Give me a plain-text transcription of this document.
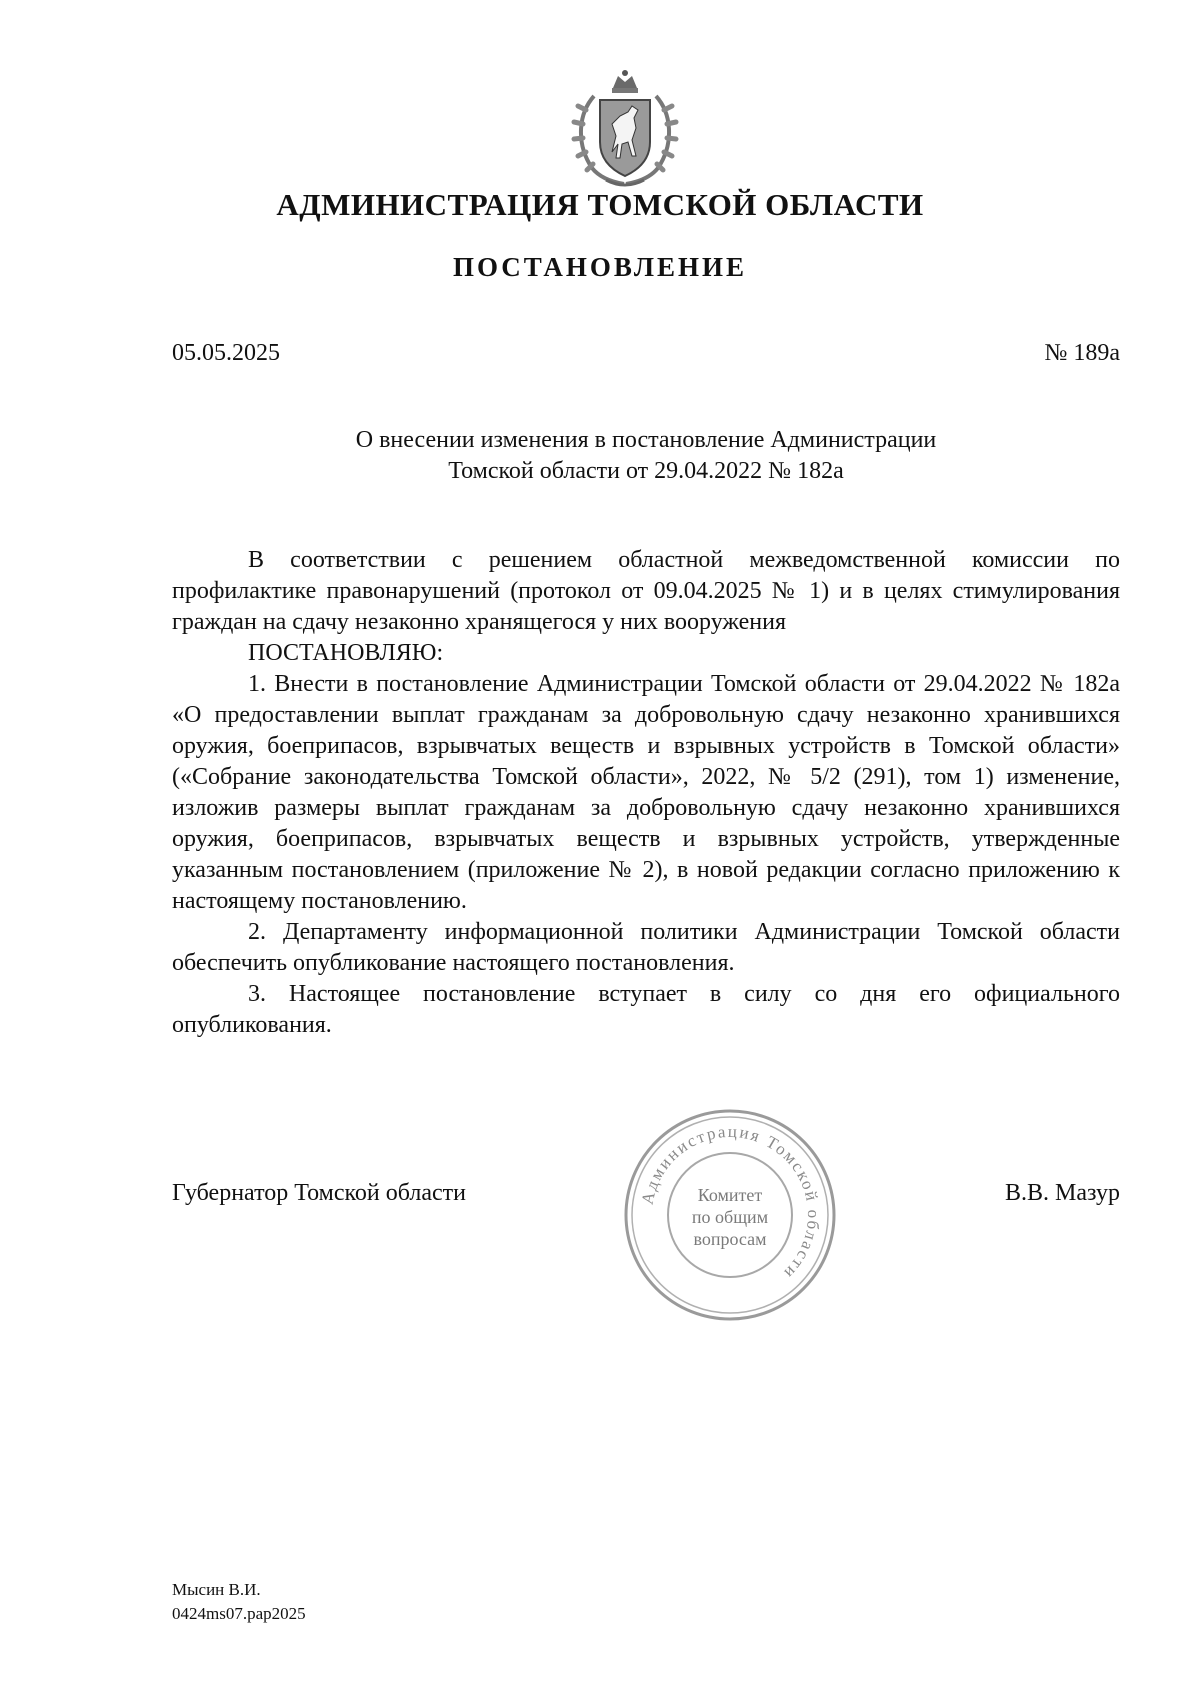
АДМИНИСТРАЦИЯ ТОМСКОЙ ОБЛАСТИ
ПОСТАНОВЛЕНИЕ
05.05.2025	№ 189а
О внесении изменения в постановление Администрации
Томской области от 29.04.2022 № 182а

В соответствии с решением областной межведомственной комиссии по профилактике правонарушений (протокол от 09.04.2025 № 1) и в целях стимулирования граждан на сдачу незаконно хранящегося у них вооружения

ПОСТАНОВЛЯЮ:

1. Внести в постановление Администрации Томской области от 29.04.2022 № 182а «О предоставлении выплат гражданам за добровольную сдачу незаконно хранившихся оружия, боеприпасов, взрывчатых веществ и взрывных устройств в Томской области» («Собрание законодательства Томской области», 2022, № 5/2 (291), том 1) изменение, изложив размеры выплат гражданам за добровольную сдачу незаконно хранившихся оружия, боеприпасов, взрывчатых веществ и взрывных устройств, утвержденные указанным постановлением (приложение № 2), в новой редакции согласно приложению к настоящему постановлению.

2. Департаменту информационной политики Администрации Томской области обеспечить опубликование настоящего постановления.

3. Настоящее постановление вступает в силу со дня его официального опубликования.

Администрация Томской области
Комитет
по общим
вопросам
Губернатор Томской области	В.В. Мазур
Мысин В.И.
0424ms07.pap2025
